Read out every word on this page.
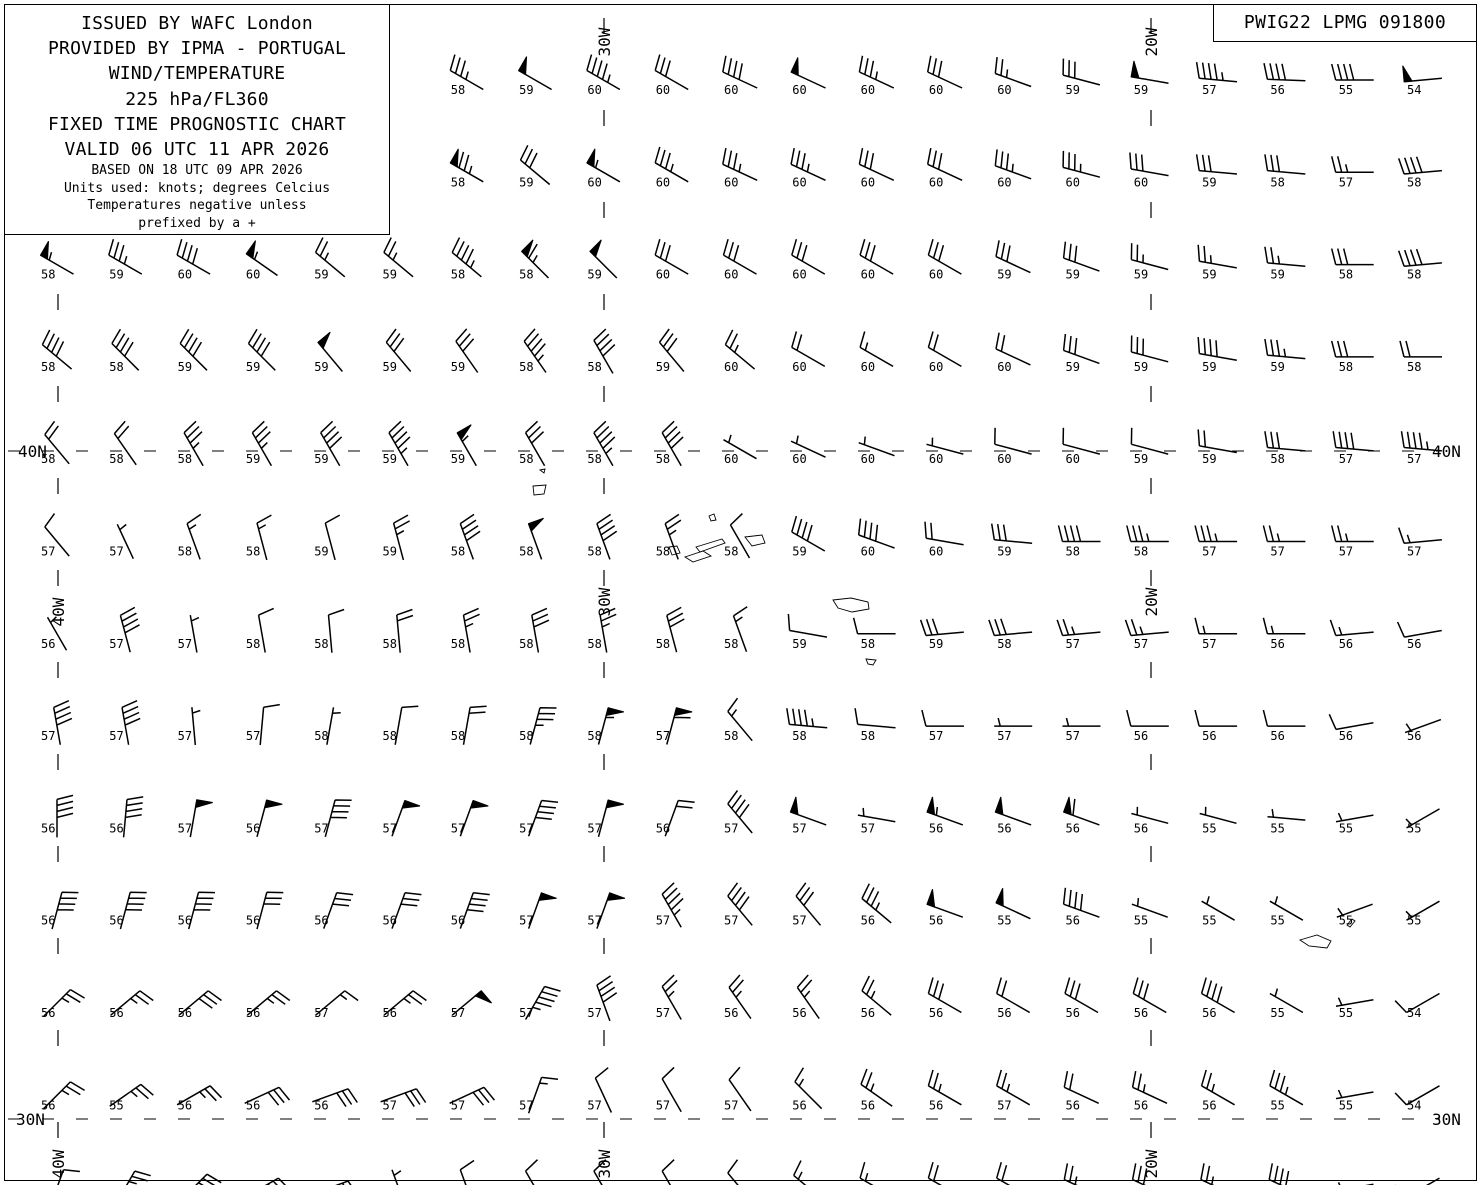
58	59	60	60	60	60	60	60	60	59	59	57	56	55	54
58	59	60	60	60	60	60	60	60	60	60	59	58	57	58
58	59	60	60	59	59	58	58	59	60	60	60	60	60	59	59	59	59	59	58	58
58	58	59	59	59	59	59	58	58	59	60	60	60	60	60	59	59	59	59	58	58
58	58	58	59	59	59	59	58	58	58	60	60	60	60	60	60	59	59	58	57	57
57	57	58	58	59	59	58	58	58	58	58	59	60	60	59	58	58	57	57	57	57
56	57	57	58	58	58	58	58	58	58	58	59	58	59	58	57	57	57	56	56	56
57	57	57	57	58	58	58	58	58	57	58	58	58	57	57	57	56	56	56	56	56
56	56	57	56	57	57	57	57	57	56	57	57	57	56	56	56	56	55	55	55	55
56	56	56	56	56	56	56	57	57	57	57	57	56	56	55	56	55	55	55	55	55
56	56	56	56	57	56	57	57	57	57	56	56	56	56	56	56	56	56	55	55	54
56	55	56	56	56	57	57	57	57	57	57	56	56	56	57	56	56	56	55	55	54
40W
30W	20W
30W	20W
40W	30W	20W
40N	40N
30N	30N
ISSUED BY WAFC London
PROVIDED BY IPMA - PORTUGAL
WIND/TEMPERATURE
225 hPa/FL360
FIXED TIME PROGNOSTIC CHART
VALID 06 UTC 11 APR 2026
BASED ON 18 UTC 09 APR 2026
Units used: knots; degrees Celcius
Temperatures negative unless
prefixed by a +
PWIG22 LPMG 091800
